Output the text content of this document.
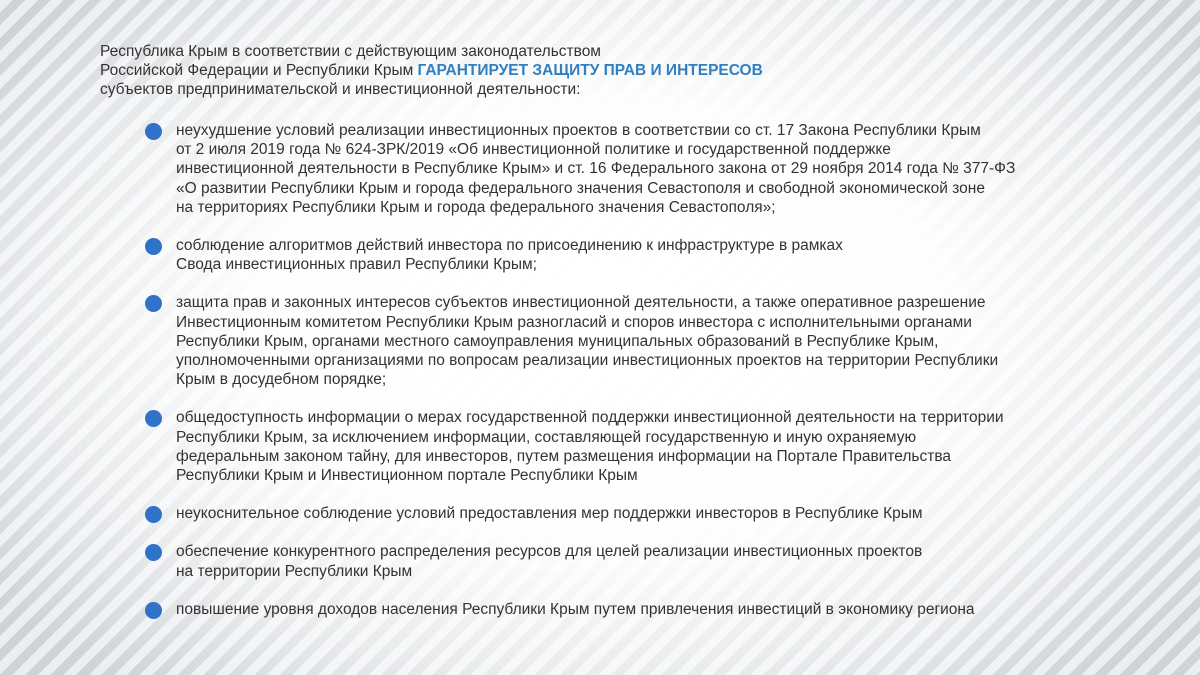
Республика Крым в соответствии с действующим законодательством
Российской Федерации и Республики Крым ГАРАНТИРУЕТ ЗАЩИТУ ПРАВ И ИНТЕРЕСОВ
субъектов предпринимательской и инвестиционной деятельности:
неухудшение условий реализации инвестиционных проектов в соответствии со ст. 17 Закона Республики Крым
от 2 июля 2019 года № 624-ЗРК/2019 «Об инвестиционной политике и государственной поддержке
инвестиционной деятельности в Республике Крым» и ст. 16 Федерального закона от 29 ноября 2014 года № 377-ФЗ
«О развитии Республики Крым и города федерального значения Севастополя и свободной экономической зоне
на территориях Республики Крым и города федерального значения Севастополя»;
соблюдение алгоритмов действий инвестора по присоединению к инфраструктуре в рамках
Свода инвестиционных правил Республики Крым;
защита прав и законных интересов субъектов инвестиционной деятельности, а также оперативное разрешение
Инвестиционным комитетом Республики Крым разногласий и споров инвестора с исполнительными органами
Республики Крым, органами местного самоуправления муниципальных образований в Республике Крым,
уполномоченными организациями по вопросам реализации инвестиционных проектов на территории Республики
Крым в досудебном порядке;
общедоступность информации о мерах государственной поддержки инвестиционной деятельности на территории
Республики Крым, за исключением информации, составляющей государственную и иную охраняемую
федеральным законом тайну, для инвесторов, путем размещения информации на Портале Правительства
Республики Крым и Инвестиционном портале Республики Крым
неукоснительное соблюдение условий предоставления мер поддержки инвесторов в Республике Крым
обеспечение конкурентного распределения ресурсов для целей реализации инвестиционных проектов
на территории Республики Крым
повышение уровня доходов населения Республики Крым путем привлечения инвестиций в экономику региона
